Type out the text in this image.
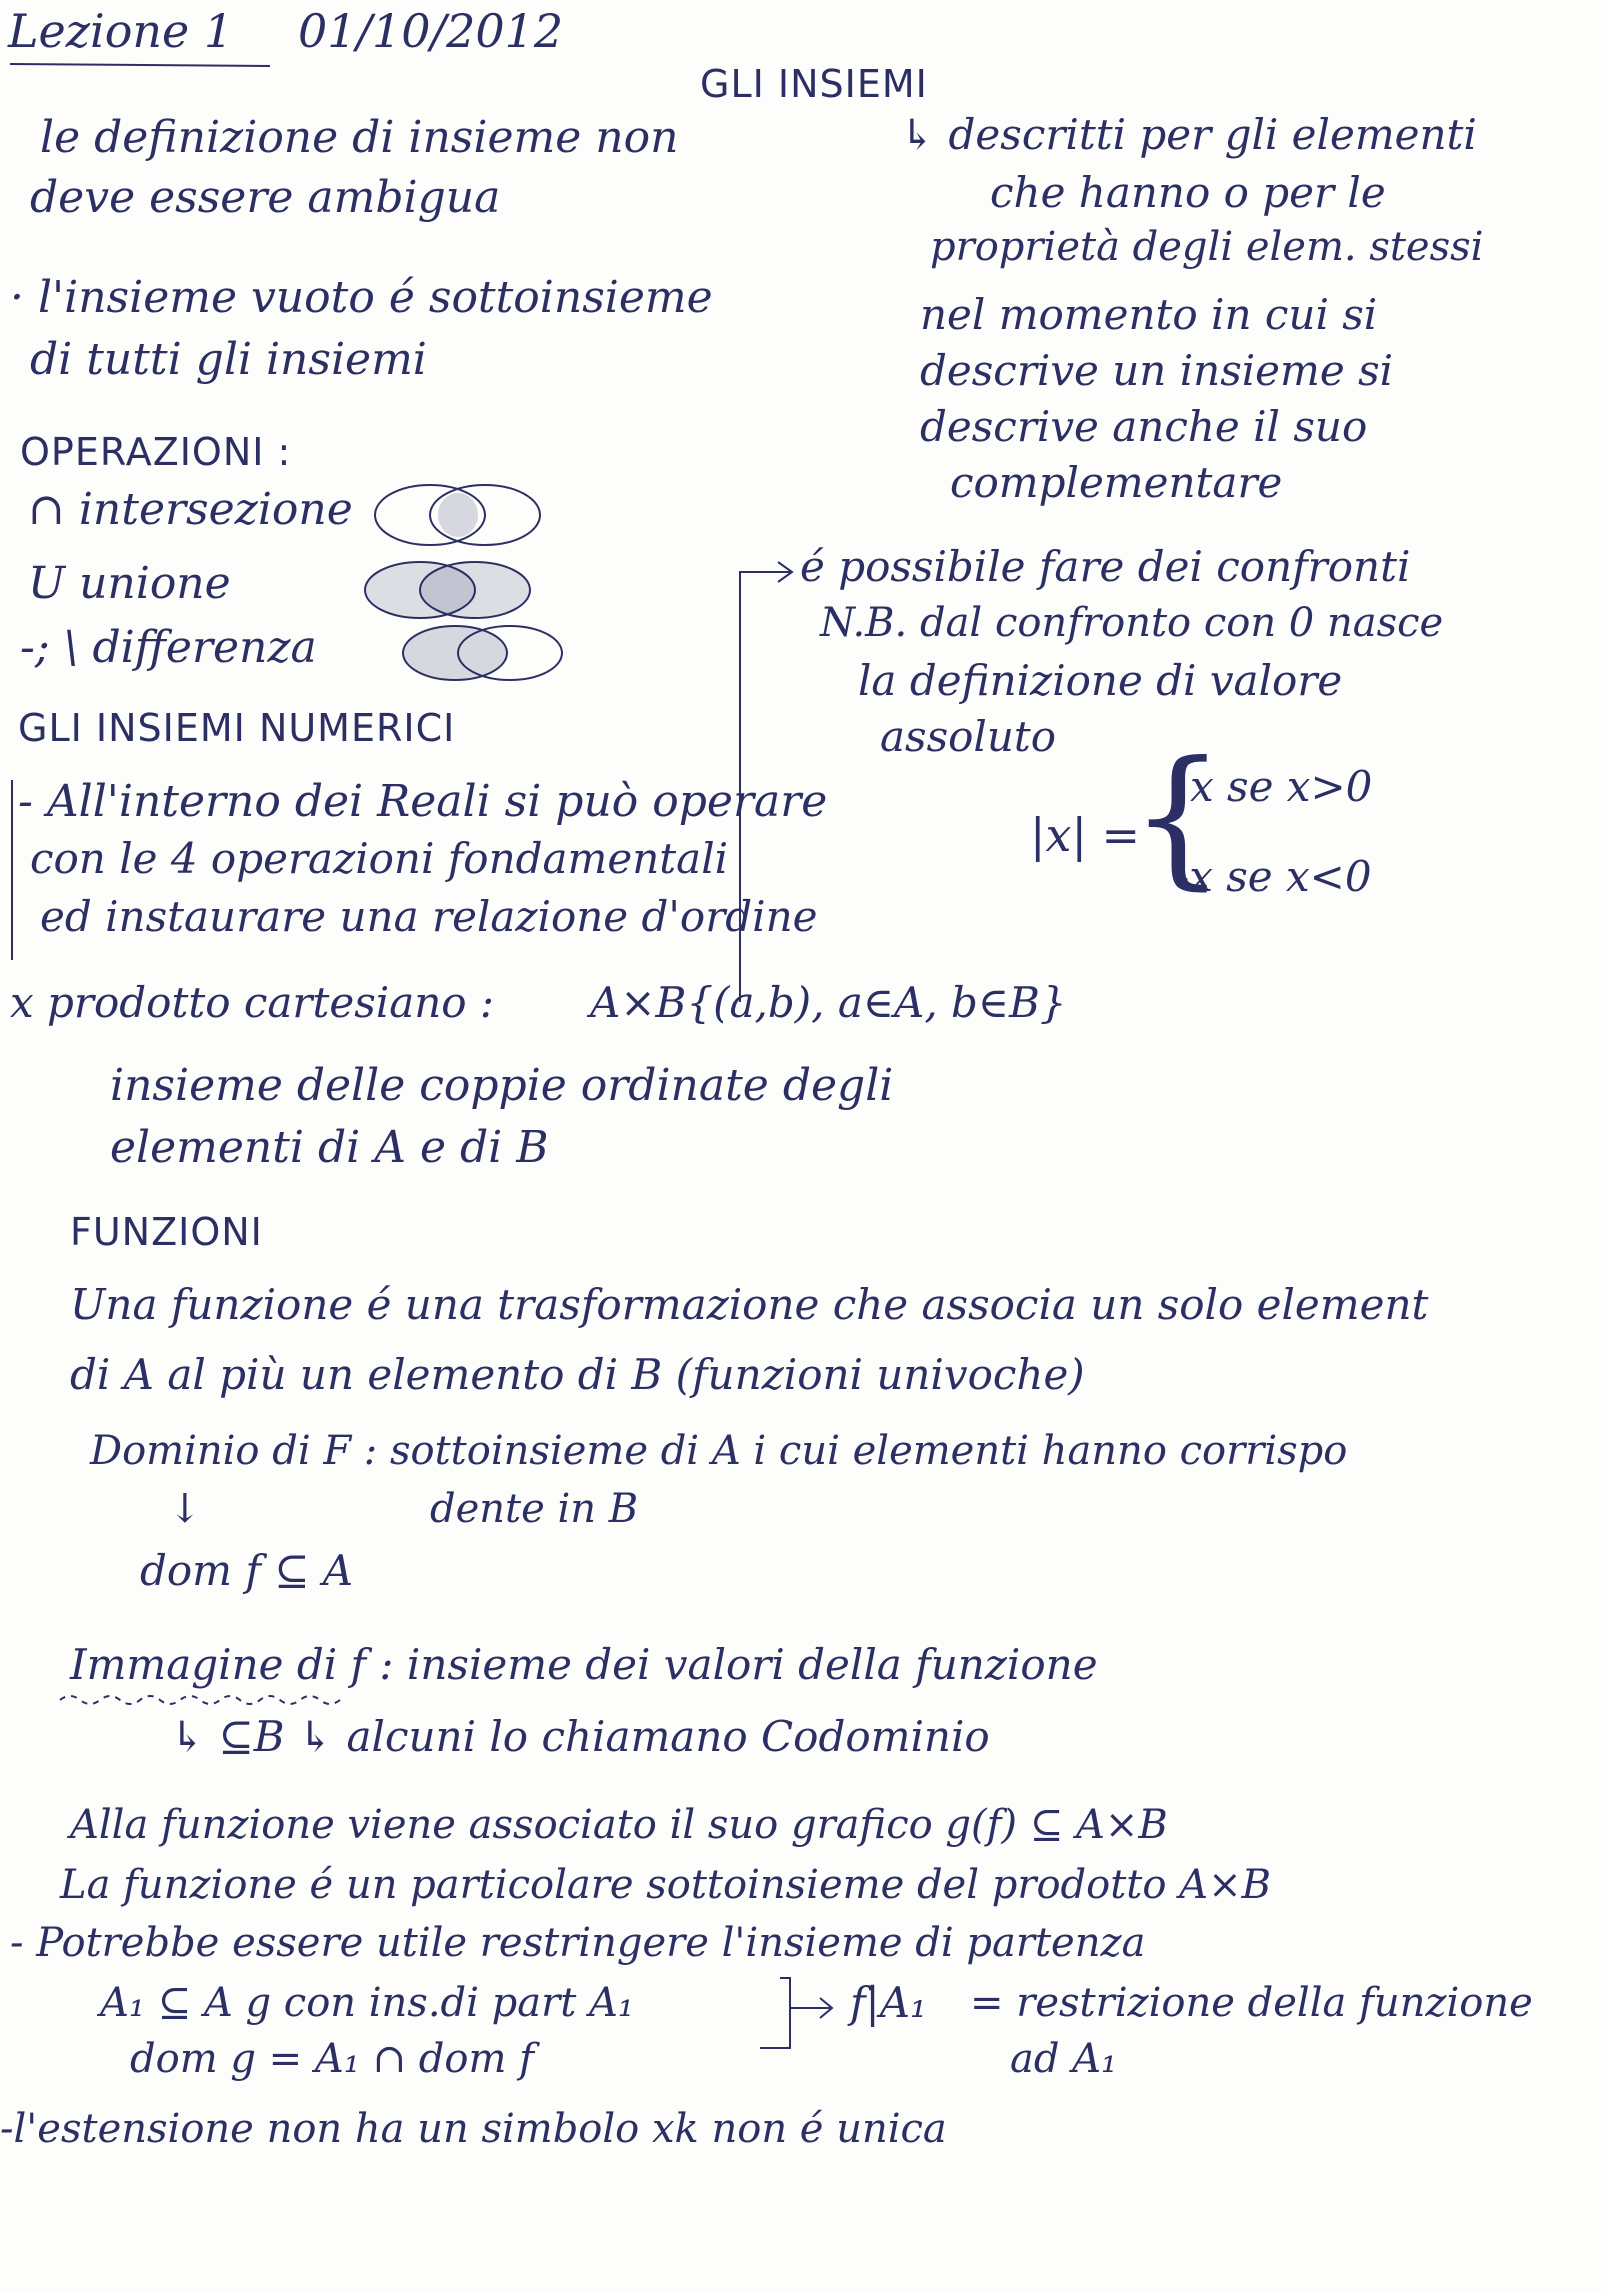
Lezione 1 01/10/2012
GLI INSIEMI
↳ descritti per gli elementi
che hanno o per le
proprietà degli elem. stessi
nel momento in cui si
descrive un insieme si
descrive anche il suo
complementare
le definizione di insieme non
deve essere ambigua
· l'insieme vuoto é sottoinsieme
di tutti gli insiemi
OPERAZIONI :
∩ intersezione
U unione
-; \ differenza
GLI INSIEMI NUMERICI
é possibile fare dei confronti
N.B. dal confronto con 0 nasce
la definizione di valore
assoluto
|x| =
{
x se x>0
-x se x<0
- All'interno dei Reali si può operare
con le 4 operazioni fondamentali
ed instaurare una relazione d'ordine
x prodotto cartesiano : A×B{(a,b), a∈A, b∈B}
insieme delle coppie ordinate degli
elementi di A e di B
FUNZIONI
Una funzione é una trasformazione che associa un solo element
di A al più un elemento di B (funzioni univoche)
Dominio di F : sottoinsieme di A i cui elementi hanno corrispo
dente in B
↓
dom f ⊆ A
Immagine di f : insieme dei valori della funzione
↳ ⊆B ↳ alcuni lo chiamano Codominio
Alla funzione viene associato il suo grafico g(f) ⊆ A×B
La funzione é un particolare sottoinsieme del prodotto A×B
- Potrebbe essere utile restringere l'insieme di partenza
A₁ ⊆ A g con ins.di part A₁
dom g = A₁ ∩ dom f
f|A₁ = restrizione della funzione
ad A₁
-l'estensione non ha un simbolo xk non é unica
